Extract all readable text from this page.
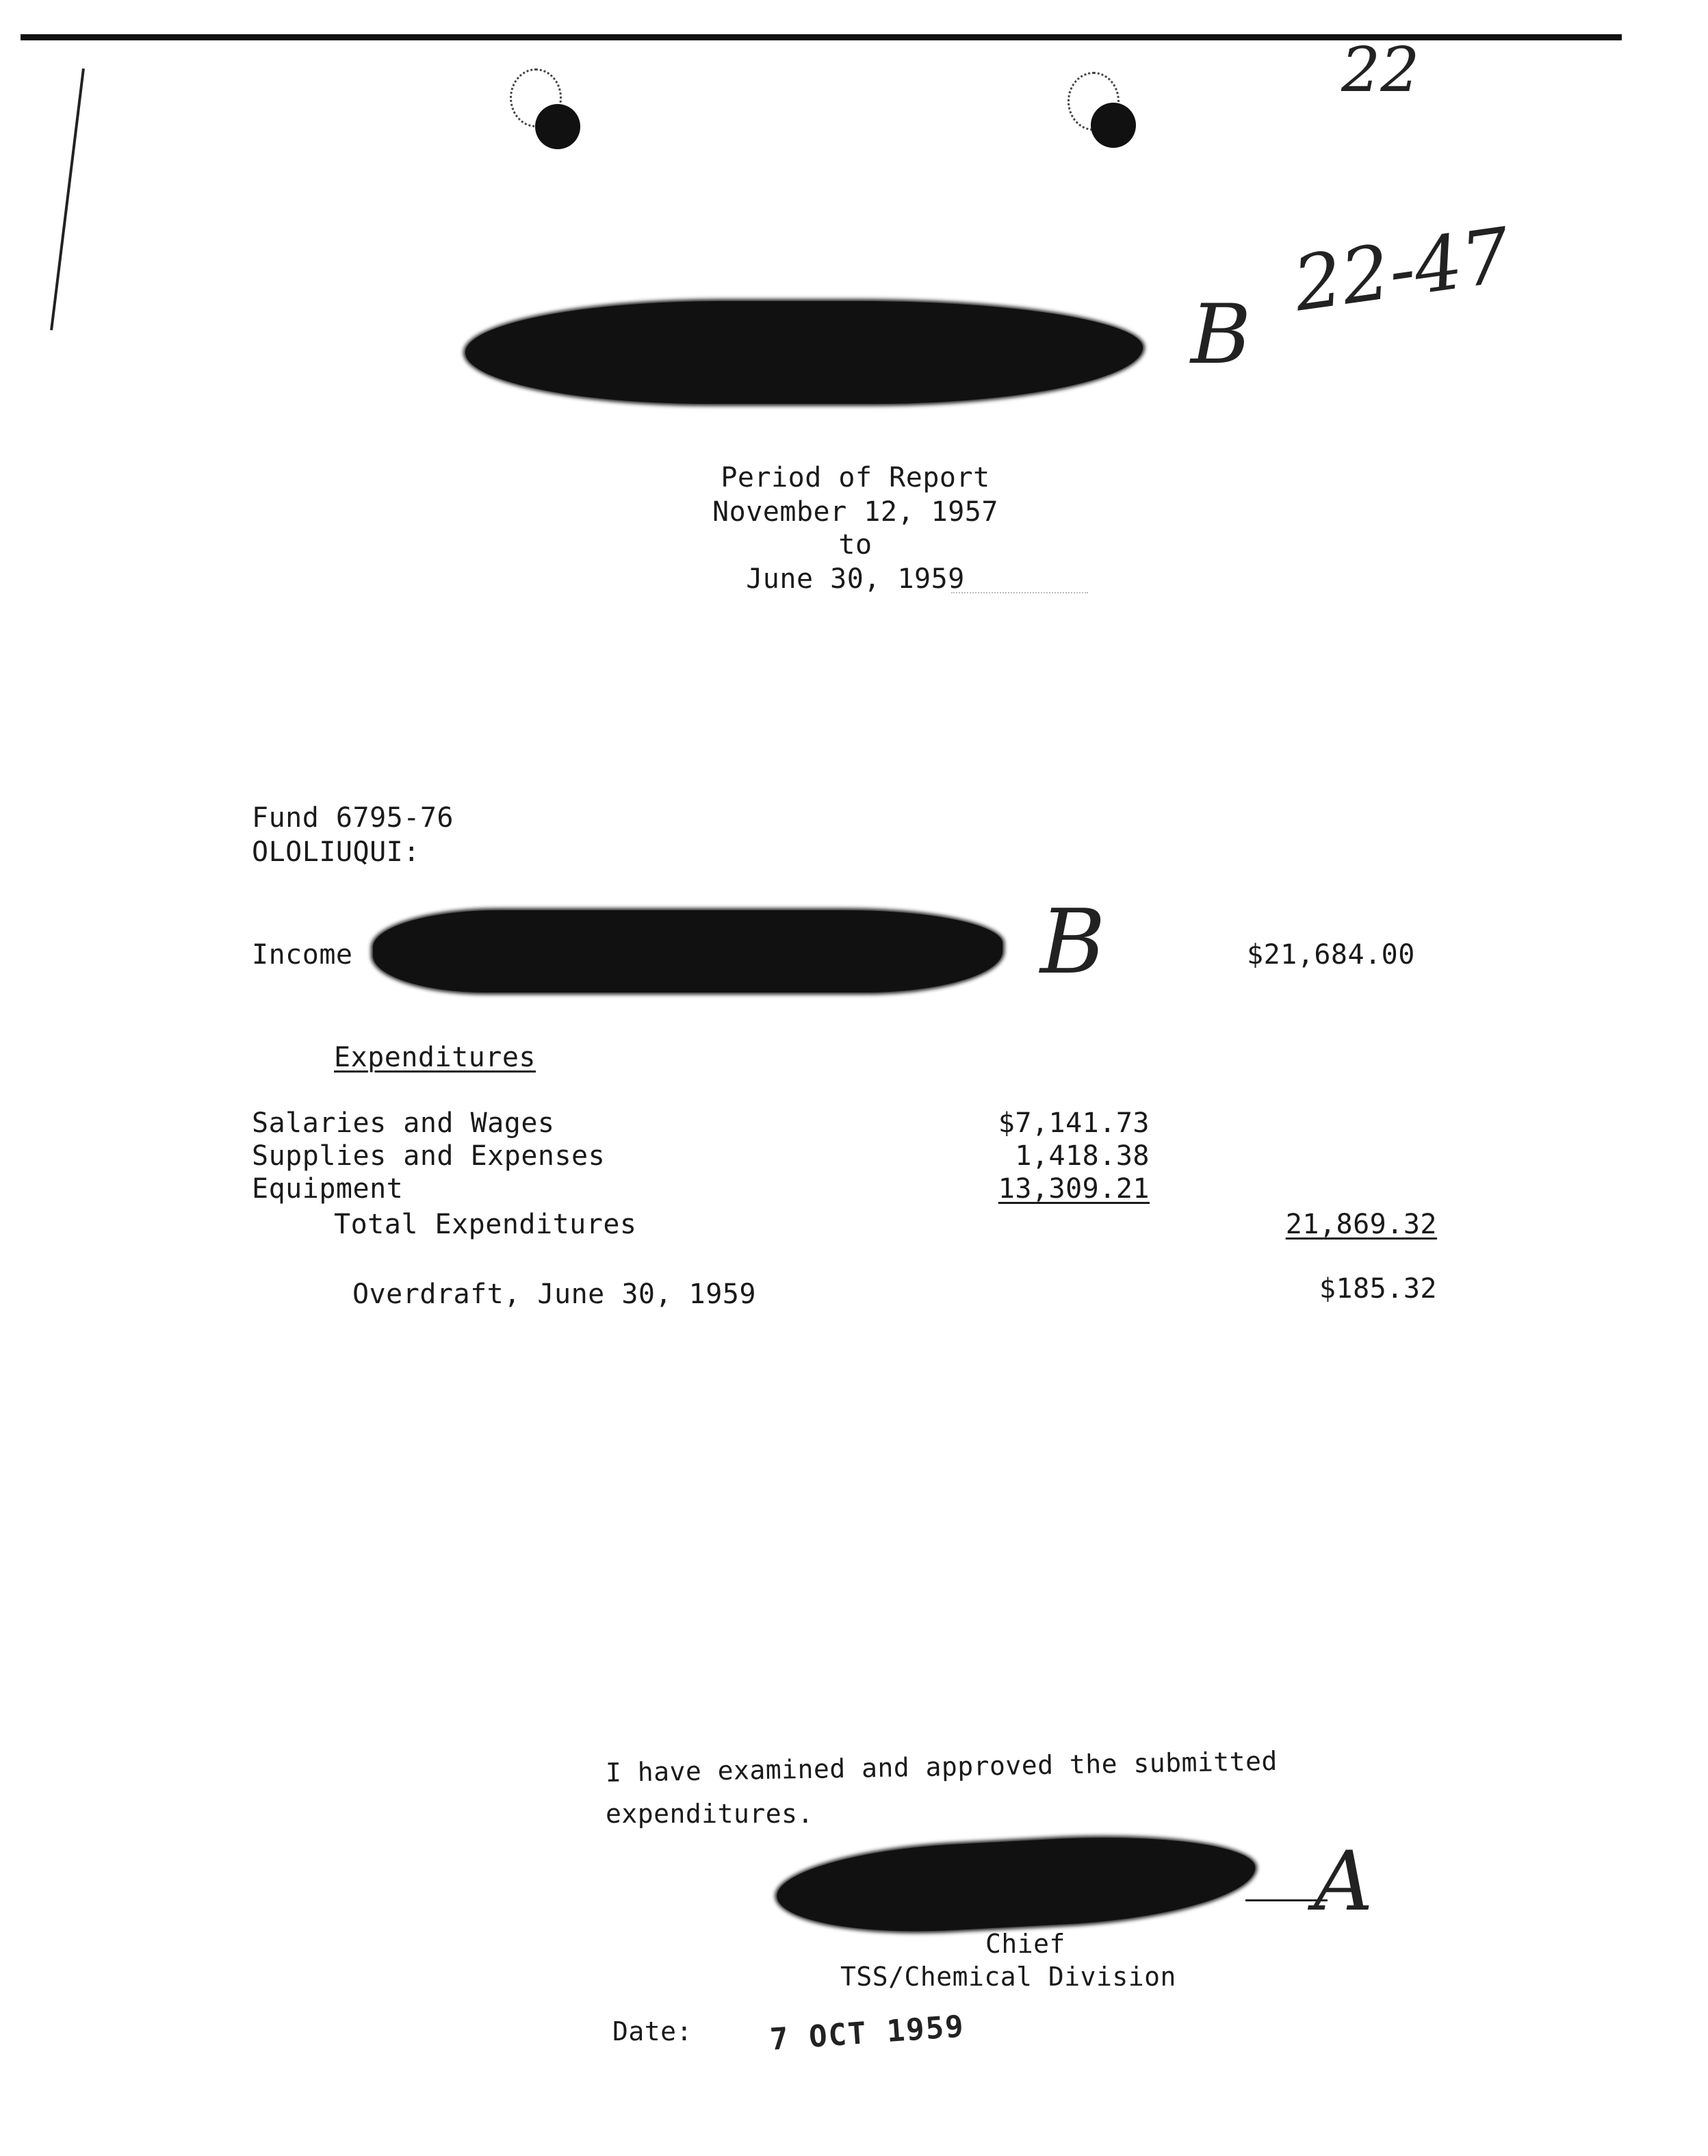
22
22-47
B
Period of Report
November 12, 1957
to
June 30, 1959
Fund 6795-76
OLOLIUQUI:
Income	B	$21,684.00
Expenditures
Salaries and Wages	$7,141.73
Supplies and Expenses	1,418.38
Equipment	13,309.21
Total Expenditures	21,869.32
Overdraft, June 30, 1959	$185.32
I have examined and approved the submitted
expenditures.
A
Chief
TSS/Chemical Division
Date:	7 OCT 1959
